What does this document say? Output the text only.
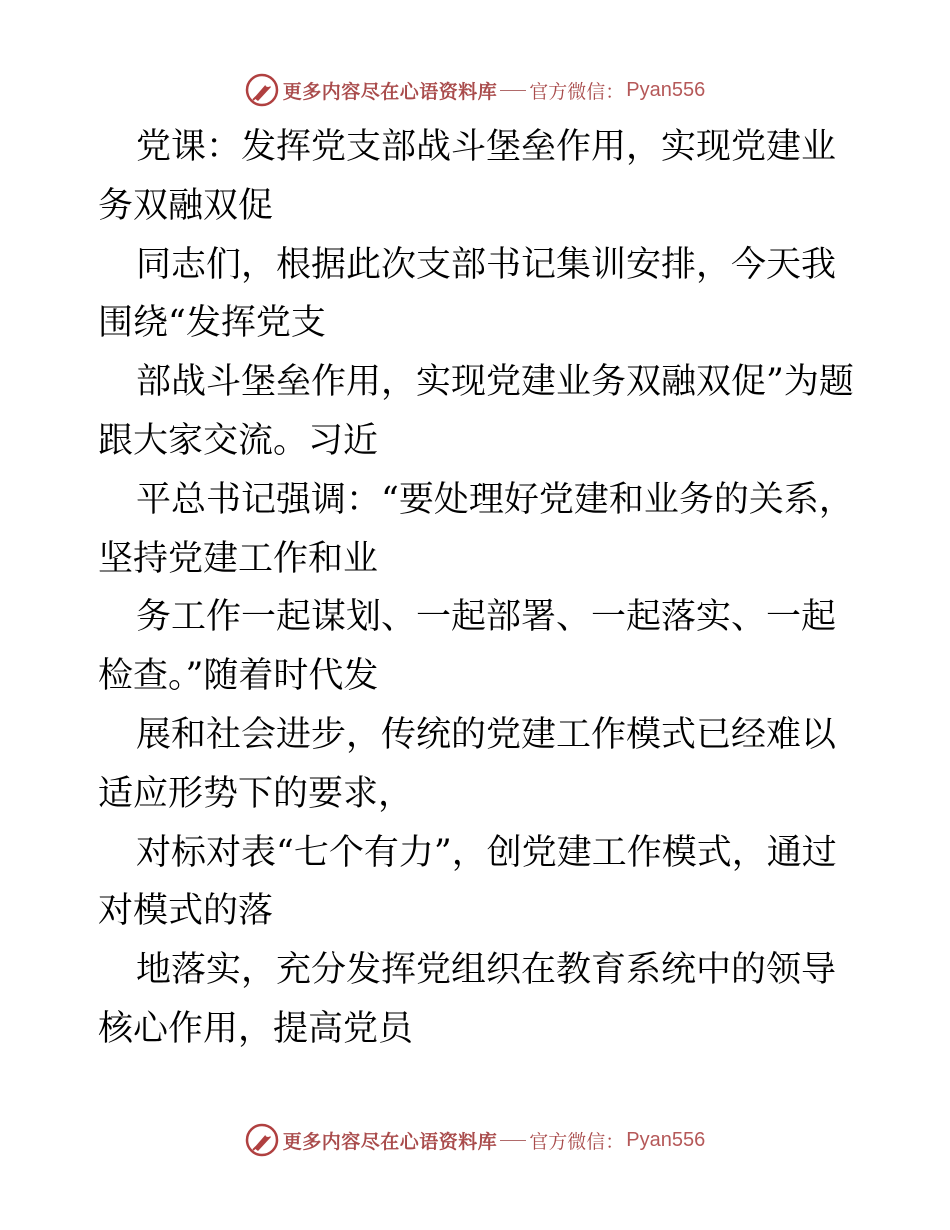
更多内容尽在心语资料库 官方微信： Pyan556

党课：发挥党支部战斗堡垒作用，实现党建业务双融双促

同志们，根据此次支部书记集训安排，今天我围绕“发挥党支

部战斗堡垒作用，实现党建业务双融双促”为题跟大家交流。习近

平总书记强调：“要处理好党建和业务的关系，坚持党建工作和业

务工作一起谋划、一起部署、一起落实、一起检查。”随着时代发

展和社会进步，传统的党建工作模式已经难以适应形势下的要求，

对标对表“七个有力”，创党建工作模式，通过对模式的落

地落实，充分发挥党组织在教育系统中的领导核心作用，提高党员

更多内容尽在心语资料库 官方微信： Pyan556
